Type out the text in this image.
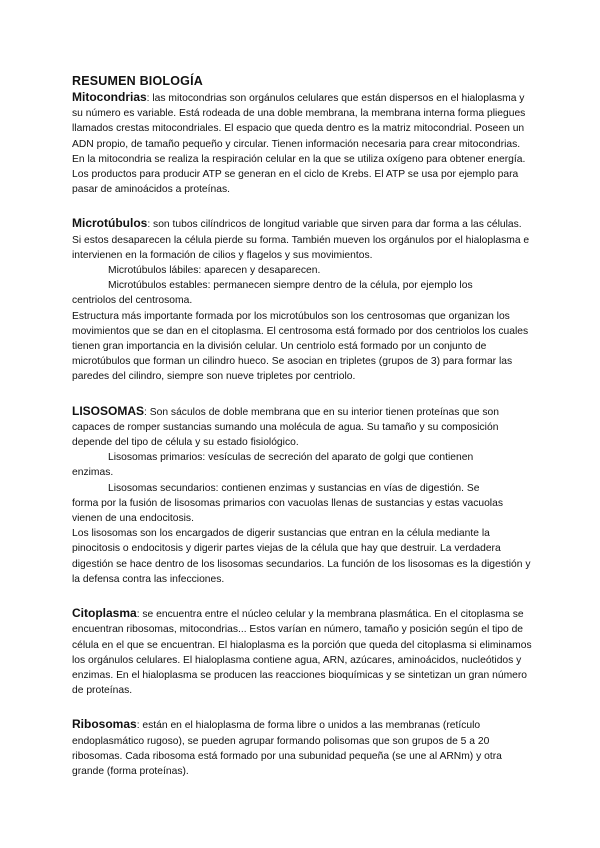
RESUMEN BIOLOGÍA

Mitocondrias: las mitocondrias son orgánulos celulares que están dispersos en el hialoplasma y su número es variable. Está rodeada de una doble membrana, la membrana interna forma pliegues llamados crestas mitocondriales. El espacio que queda dentro es la matriz mitocondrial. Poseen un ADN propio, de tamaño pequeño y circular. Tienen información necesaria para crear mitocondrias. En la mitocondria se realiza la respiración celular en la que se utiliza oxígeno para obtener energía. Los productos para producir ATP se generan en el ciclo de Krebs. El ATP se usa por ejemplo para pasar de aminoácidos a proteínas.

Microtúbulos: son tubos cilíndricos de longitud variable que sirven para dar forma a las células. Si estos desaparecen la célula pierde su forma. También mueven los orgánulos por el hialoplasma e intervienen en la formación de cilios y flagelos y sus movimientos.

Microtúbulos lábiles: aparecen y desaparecen.

Microtúbulos estables: permanecen siempre dentro de la célula, por ejemplo los

centriolos del centrosoma.

Estructura más importante formada por los microtúbulos son los centrosomas que organizan los movimientos que se dan en el citoplasma. El centrosoma está formado por dos centriolos los cuales tienen gran importancia en la división celular. Un centriolo está formado por un conjunto de microtúbulos que forman un cilindro hueco. Se asocian en tripletes (grupos de 3) para formar las paredes del cilindro, siempre son nueve tripletes por centriolo.

LISOSOMAS: Son sáculos de doble membrana que en su interior tienen proteínas que son capaces de romper sustancias sumando una molécula de agua. Su tamaño y su composición depende del tipo de célula y su estado fisiológico.

Lisosomas primarios: vesículas de secreción del aparato de golgi que contienen

enzimas.

Lisosomas secundarios: contienen enzimas y sustancias en vías de digestión. Se

forma por la fusión de lisosomas primarios con vacuolas llenas de sustancias y estas vacuolas vienen de una endocitosis.

Los lisosomas son los encargados de digerir sustancias que entran en la célula mediante la pinocitosis o endocitosis y digerir partes viejas de la célula que hay que destruir. La verdadera digestión se hace dentro de los lisosomas secundarios. La función de los lisosomas es la digestión y la defensa contra las infecciones.

Citoplasma: se encuentra entre el núcleo celular y la membrana plasmática. En el citoplasma se encuentran ribosomas, mitocondrias... Estos varían en número, tamaño y posición según el tipo de célula en el que se encuentran. El hialoplasma es la porción que queda del citoplasma si eliminamos los orgánulos celulares. El hialoplasma contiene agua, ARN, azúcares, aminoácidos, nucleótidos y enzimas. En el hialoplasma se producen las reacciones bioquímicas y se sintetizan un gran número de proteínas.

Ribosomas: están en el hialoplasma de forma libre o unidos a las membranas (retículo endoplasmático rugoso), se pueden agrupar formando polisomas que son grupos de 5 a 20 ribosomas. Cada ribosoma está formado por una subunidad pequeña (se une al ARNm) y otra grande (forma proteínas).
